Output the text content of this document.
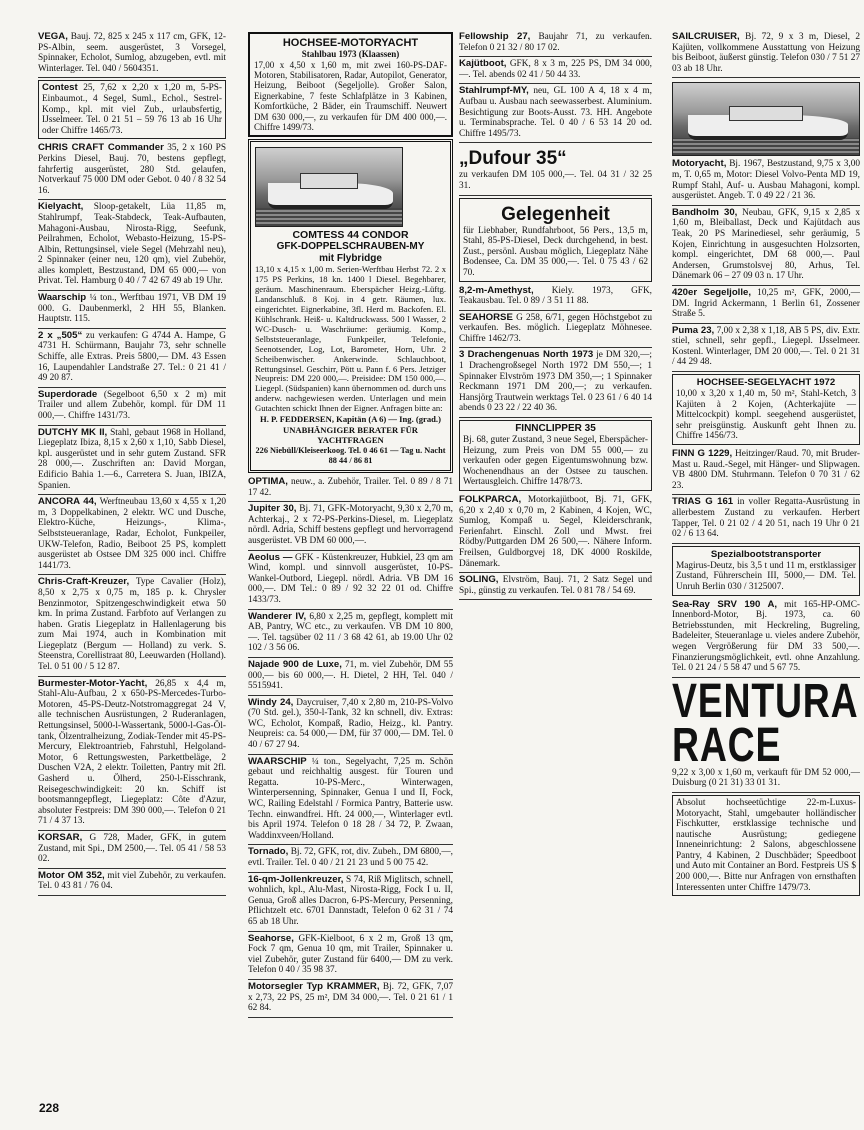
VEGA, Bauj. 72, 825 x 245 x 117 cm, GFK, 12-PS-Albin, seem. ausgerüstet, 3 Vorsegel, Spinnaker, Echolot, Sumlog, abzugeben, evtl. mit Winterlager. Tel. 040 / 5604351.
Contest 25, 7,62 x 2,20 x 1,20 m, 5-PS-Einbaumot., 4 Segel, Suml., Echol., Sestrel-Komp., kpl. mit viel Zub., urlaubsfertig, IJsselmeer. Tel. 0 21 51 – 59 76 13 ab 16 Uhr oder Chiffre 1465/73.
CHRIS CRAFT Commander 35, 2 x 160 PS Perkins Diesel, Bauj. 70, bestens gepflegt, fahrfertig ausgerüstet, 280 Std. gelaufen, Notverkauf 75 000 DM oder Gebot. 0 40 / 8 32 54 16.
Kielyacht, Sloop-getakelt, Lüa 11,85 m, Stahlrumpf, Teak-Stabdeck, Teak-Aufbauten, Mahagoni-Ausbau, Nirosta-Rigg, Seefunk, Peilrahmen, Echolot, Webasto-Heizung, 15-PS-Albin, Rettungsinsel, viele Segel (Mehrzahl neu), 2 Spinnaker (einer neu, 120 qm), viel Zubehör, alles komplett, Bestzustand, DM 65 000,— von Privat. Tel. Hamburg 0 40 / 7 42 67 49 ab 19 Uhr.
Waarschip ¼ ton., Werftbau 1971, VB DM 19 000. G. Daubenmerkl, 2 HH 55, Blanken. Hauptstr. 115.
2 x „505“ zu verkaufen: G 4744 A. Hampe, G 4731 H. Schürmann, Baujahr 73, sehr schnelle Schiffe, alle Extras. Preis 5800,— DM. 43 Essen 16, Laupendahler Landstraße 27. Tel.: 0 21 41 / 49 20 87.
Superdorade (Segelboot 6,50 x 2 m) mit Trailer und allem Zubehör, kompl. für DM 11 000,—. Chiffre 1431/73.
DUTCHY MK II, Stahl, gebaut 1968 in Holland, Liegeplatz Ibiza, 8,15 x 2,60 x 1,10, Sabb Diesel, kpl. ausgerüstet und in sehr gutem Zustand. SFR 28 000,—. Zuschriften an: David Morgan, Edificio Bahia 1.—6., Carretera S. Juan, IBIZA, Spanien.
ANCORA 44, Werftneubau 13,60 x 4,55 x 1,20 m, 3 Doppelkabinen, 2 elektr. WC und Dusche, Elektro-Küche, Heizungs-, Klima-, Selbststeueranlage, Radar, Echolot, Funkpeiler, UKW-Telefon, Radio, Beiboot 25 PS, komplett ausgerüstet ab Ostsee DM 325 000 incl. Chiffre 1441/73.
Chris-Craft-Kreuzer, Type Cavalier (Holz), 8,50 x 2,75 x 0,75 m, 185 p. k. Chrysler Benzinmotor, Spitzengeschwindigkeit etwa 50 km. In prima Zustand. Farbfoto auf Verlangen zu haben. Gratis Liegeplatz in Hallenlagerung bis zum Mai 1974, auch in Kombination mit Liegeplatz (Bergum — Holland) zu verk. S. Steenstra, Corellistraat 80, Leeuwarden (Holland). Tel. 0 51 00 / 5 12 87.
Burmester-Motor-Yacht, 26,85 x 4,4 m, Stahl-Alu-Aufbau, 2 x 650-PS-Mercedes-Turbo-Motoren, 45-PS-Deutz-Notstromaggregat 24 V, alle technischen Ausrüstungen, 2 Ruderanlagen, Rettungsinsel, 5000-l-Wassertank, 5000-l-Gas-Öl-tank, Ölzentralheizung, Zodiak-Tender mit 45-PS-Mercury, Elektroantrieb, Fahrstuhl, Helgoland-Motor, 6 Rettungswesten, Parkettbeläge, 2 Duschen V2A, 2 elektr. Toiletten, Pantry mit 2fl. Gasherd u. Ölherd, 250-l-Eisschrank, Reisegeschwindigkeit: 20 kn. Schiff ist bootsmanngepflegt, Liegeplatz: Côte d'Azur, absoluter Festpreis: DM 390 000,—. Telefon 0 21 71 / 4 37 13.
KORSAR, G 728, Mader, GFK, in gutem Zustand, mit Spi., DM 2500,—. Tel. 05 41 / 58 53 02.
Motor OM 352, mit viel Zubehör, zu verkaufen. Tel. 0 43 81 / 76 04.
HOCHSEE-MOTORYACHT
Stahlbau 1973 (Klaassen)
17,00 x 4,50 x 1,60 m, mit zwei 160-PS-DAF-Motoren, Stabilisatoren, Radar, Autopilot, Generator, Heizung, Beiboot (Segeljolle). Großer Salon, Eignerkabine, 7 feste Schlafplätze in 3 Kabinen, Komfortküche, 2 Bäder, ein Traumschiff. Neuwert DM 630 000,—, zu verkaufen für DM 400 000,—. Chiffre 1499/73.
COMTESS 44 CONDOR
GFK-DOPPELSCHRAUBEN-MY
mit Flybridge
13,10 x 4,15 x 1,00 m. Serien-Werftbau Herbst 72. 2 x 175 PS Perkins, 18 kn. 1400 l Diesel. Begehbarer, geräum. Maschinenraum. Eberspächer Heizg.-Lüftg. Landanschluß. 8 Koj. in 4 getr. Räumen, lux. eingerichtet. Eignerkabine, 3fl. Herd m. Backofen. El. Kühlschrank. Heiß- u. Kaltdruckwass. 500 l Wasser, 2 WC-Dusch- u. Waschräume: geräumig. Komp., Selbststeueranlage, Funkpeiler, Telefonie, Seenotsender, Log, Lot, Barometer, Horn, Uhr. 2 Scheibenwischer. Ankerwinde. Schlauchboot, Rettungsinsel. Geschirr, Pött u. Pann f. 6 Pers. Jetziger Neupreis: DM 220 000,—. Preisidee: DM 150 000,—. Liegepl. (Südspanien) kann übernommen od. durch uns anderw. nachgewiesen werden. Unterlagen und mein Gutachten schickt Ihnen der Eigner. Anfragen bitte an:
H. P. FEDDERSEN, Kapitän (A 6) — Ing. (grad.)
UNABHÄNGIGER BERATER FÜR YACHTFRAGEN
226 Niebüll/Kleiseerkoog. Tel. 0 46 61 — Tag u. Nacht 88 44 / 86 81
OPTIMA, neuw., a. Zubehör, Trailer. Tel. 0 89 / 8 71 17 42.
Jupiter 30, Bj. 71, GFK-Motoryacht, 9,30 x 2,70 m, Achterkaj., 2 x 72-PS-Perkins-Diesel, m. Liegeplatz nördl. Adria, Schiff bestens gepflegt und hervorragend ausgerüstet. VB DM 60 000,—.
Aeolus — GFK - Küstenkreuzer, Hubkiel, 23 qm am Wind, kompl. und sinnvoll ausgerüstet, 10-PS-Wankel-Outbord, Liegepl. nördl. Adria. VB DM 16 000,—. DM Tel.: 0 89 / 92 32 22 01 od. Chiffre 1433/73.
Wanderer IV, 6,80 x 2,25 m, gepflegt, komplett mit AB, Pantry, WC etc., zu verkaufen. VB DM 10 800,—. Tel. tagsüber 02 11 / 3 68 42 61, ab 19.00 Uhr 02 102 / 3 56 06.
Najade 900 de Luxe, 71, m. viel Zubehör, DM 55 000,— bis 60 000,—. H. Dietel, 2 HH, Tel. 040 / 5515941.
Windy 24, Daycruiser, 7,40 x 2,80 m, 210-PS-Volvo (70 Std. gel.), 350-l-Tank, 32 kn schnell, div. Extras: WC, Echolot, Kompaß, Radio, Heizg., kl. Pantry. Neupreis: ca. 54 000,— DM, für 37 000,— DM. Tel. 0 40 / 67 27 94.
WAARSCHIP ¼ ton., Segelyacht, 7,25 m. Schön gebaut und reichhaltig ausgest. für Touren und Regatta. 10-PS-Merc., Winterwagen, Winterpersenning, Spinnaker, Genua I und II, Fock, WC, Railing Edelstahl / Formica Pantry, Batterie usw. Techn. einwandfrei. Hft. 24 000,—, Winterlager evtl. bis April 1974. Telefon 0 18 28 / 34 72, P. Zwaan, Waddinxveen/Holland.
Tornado, Bj. 72, GFK, rot, div. Zubeh., DM 6800,—, evtl. Trailer. Tel. 0 40 / 21 21 23 und 5 00 75 42.
16-qm-Jollenkreuzer, S 74, Riß Miglitsch, schnell, wohnlich, kpl., Alu-Mast, Nirosta-Rigg, Fock I u. II, Genua, Groß alles Dacron, 6-PS-Mercury, Persenning, Pflichtzelt etc. 6701 Dannstadt, Telefon 0 62 31 / 74 65 ab 18 Uhr.
Seahorse, GFK-Kielboot, 6 x 2 m, Groß 13 qm, Fock 7 qm, Genua 10 qm, mit Trailer, Spinnaker u. viel Zubehör, guter Zustand für 6400,— DM zu verk. Telefon 0 40 / 35 98 37.
Motorsegler Typ KRAMMER, Bj. 72, GFK, 7,07 x 2,73, 22 PS, 25 m², DM 34 000,—. Tel. 0 21 61 / 1 62 84.
Fellowship 27, Baujahr 71, zu verkaufen. Telefon 0 21 32 / 80 17 02.
Kajütboot, GFK, 8 x 3 m, 225 PS, DM 34 000,—. Tel. abends 02 41 / 50 44 33.
Stahlrumpf-MY, neu, GL 100 A 4, 18 x 4 m, Aufbau u. Ausbau nach seewasserbest. Aluminium. Besichtigung zur Boots-Ausst. 73. HH. Angebote u. Terminabsprache. Tel. 0 40 / 6 53 14 20 od. Chiffre 1495/73.
„Dufour 35“
zu verkaufen DM 105 000,—. Tel. 04 31 / 32 25 31.
Gelegenheit
für Liebhaber, Rundfahrboot, 56 Pers., 13,5 m, Stahl, 85-PS-Diesel, Deck durchgehend, in best. Zust., persönl. Ausbau möglich, Liegeplatz Nähe Bodensee, Ca. DM 35 000,—. Tel. 0 75 43 / 62 70.
8,2-m-Amethyst, Kiely. 1973, GFK, Teakausbau. Tel. 0 89 / 3 51 11 88.
SEAHORSE G 258, 6/71, gegen Höchstgebot zu verkaufen. Bes. möglich. Liegeplatz Möhnesee. Chiffre 1462/73.
3 Drachengenuas North 1973 je DM 320,—; 1 Drachengroßsegel North 1972 DM 550,—; 1 Spinnaker Elvström 1973 DM 350,—; 1 Spinnaker Reckmann 1971 DM 200,—; zu verkaufen. Hansjörg Trautwein werktags Tel. 0 23 61 / 6 40 14 abends 0 23 22 / 22 40 36.
FINNCLIPPER 35
Bj. 68, guter Zustand, 3 neue Segel, Eberspächer-Heizung, zum Preis von DM 55 000,— zu verkaufen oder gegen Eigentumswohnung bzw. Wochenendhaus an der Ostsee zu tauschen. Wertausgleich. Chiffre 1478/73.
FOLKPARCA, Motorkajütboot, Bj. 71, GFK, 6,20 x 2,40 x 0,70 m, 2 Kabinen, 4 Kojen, WC, Sumlog, Kompaß u. Segel, Kleiderschrank, Ferienfahrt. Einschl. Zoll und Mwst. frei Rödby/Puttgarden DM 26 500,—. Nähere Inform. Freilsen, Guldborgvej 18, DK 4000 Roskilde, Dänemark.
SOLING, Elvström, Bauj. 71, 2 Satz Segel und Spi., günstig zu verkaufen. Tel. 0 81 78 / 54 69.
SAILCRUISER, Bj. 72, 9 x 3 m, Diesel, 2 Kajüten, vollkommene Ausstattung von Heizung bis Beiboot, äußerst günstig. Telefon 030 / 7 51 27 03 ab 18 Uhr.
Motoryacht, Bj. 1967, Bestzustand, 9,75 x 3,00 m, T. 0,65 m, Motor: Diesel Volvo-Penta MD 19, Rumpf Stahl, Auf- u. Ausbau Mahagoni, kompl. ausgerüstet. Angeb. T. 0 49 22 / 21 36.
Bandholm 30, Neubau, GFK, 9,15 x 2,85 x 1,60 m, Bleiballast, Deck und Kajütdach aus Teak, 20 PS Marinediesel, sehr geräumig, 5 Kojen, Einrichtung in ausgesuchten Holzsorten, kompl. eingerichtet, DM 68 000,—. Paul Andersen, Grumstolsvej 80, Arhus, Tel. Dänemark 06 – 27 09 03 n. 17 Uhr.
420er Segeljolle, 10,25 m², GFK, 2000,— DM. Ingrid Ackermann, 1 Berlin 61, Zossener Straße 5.
Puma 23, 7,00 x 2,38 x 1,18, AB 5 PS, div. Extr. stiel, schnell, sehr gepfl., Liegepl. IJsselmeer. Kostenl. Winterlager, DM 20 000,—. Tel. 0 21 31 / 44 29 48.
HOCHSEE-SEGELYACHT 1972
10,00 x 3,20 x 1,40 m, 50 m², Stahl-Ketch, 3 Kajüten à 2 Kojen, (Achterkajüte — Mittelcockpit) kompl. seegehend ausgerüstet, sehr preisgünstig. Auskunft geht Ihnen zu. Chiffre 1456/73.
FINN G 1229, Heitzinger/Raud. 70, mit Bruder-Mast u. Raud.-Segel, mit Hänger- und Slipwagen. VB 4800 DM. Stuhrmann. Telefon 0 70 31 / 62 23.
TRIAS G 161 in voller Regatta-Ausrüstung in allerbestem Zustand zu verkaufen. Herbert Tapper, Tel. 0 21 02 / 4 20 51, nach 19 Uhr 0 21 02 / 6 13 64.
Spezialbootstransporter
Magirus-Deutz, bis 3,5 t und 11 m, erstklassiger Zustand, Führerschein III, 5000,— DM. Tel. Unruh Berlin 030 / 3125007.
Sea-Ray SRV 190 A, mit 165-HP-OMC-Innenbord-Motor, Bj. 1973, ca. 60 Betriebsstunden, mit Heckreling, Bugreling, Badeleiter, Steueranlage u. vieles andere Zubehör, wegen Vergrößerung für DM 33 500,—. Finanzierungsmöglichkeit, evtl. ohne Anzahlung. Tel. 0 21 24 / 5 58 47 und 5 67 75.
VENTURA
RACE
9,22 x 3,00 x 1,60 m, verkauft für DM 52 000,— Duisburg (0 21 31) 33 01 31.
Absolut hochseetüchtige 22-m-Luxus-Motoryacht, Stahl, umgebauter holländischer Fischkutter, erstklassige technische und nautische Ausrüstung; gediegene Inneneinrichtung: 2 Salons, abgeschlossene Pantry, 4 Kabinen, 2 Duschbäder; Speedboot und Auto mit Container an Bord. Festpreis US $ 200 000,—. Bitte nur Anfragen von ernsthaften Interessenten unter Chiffre 1479/73.
228
